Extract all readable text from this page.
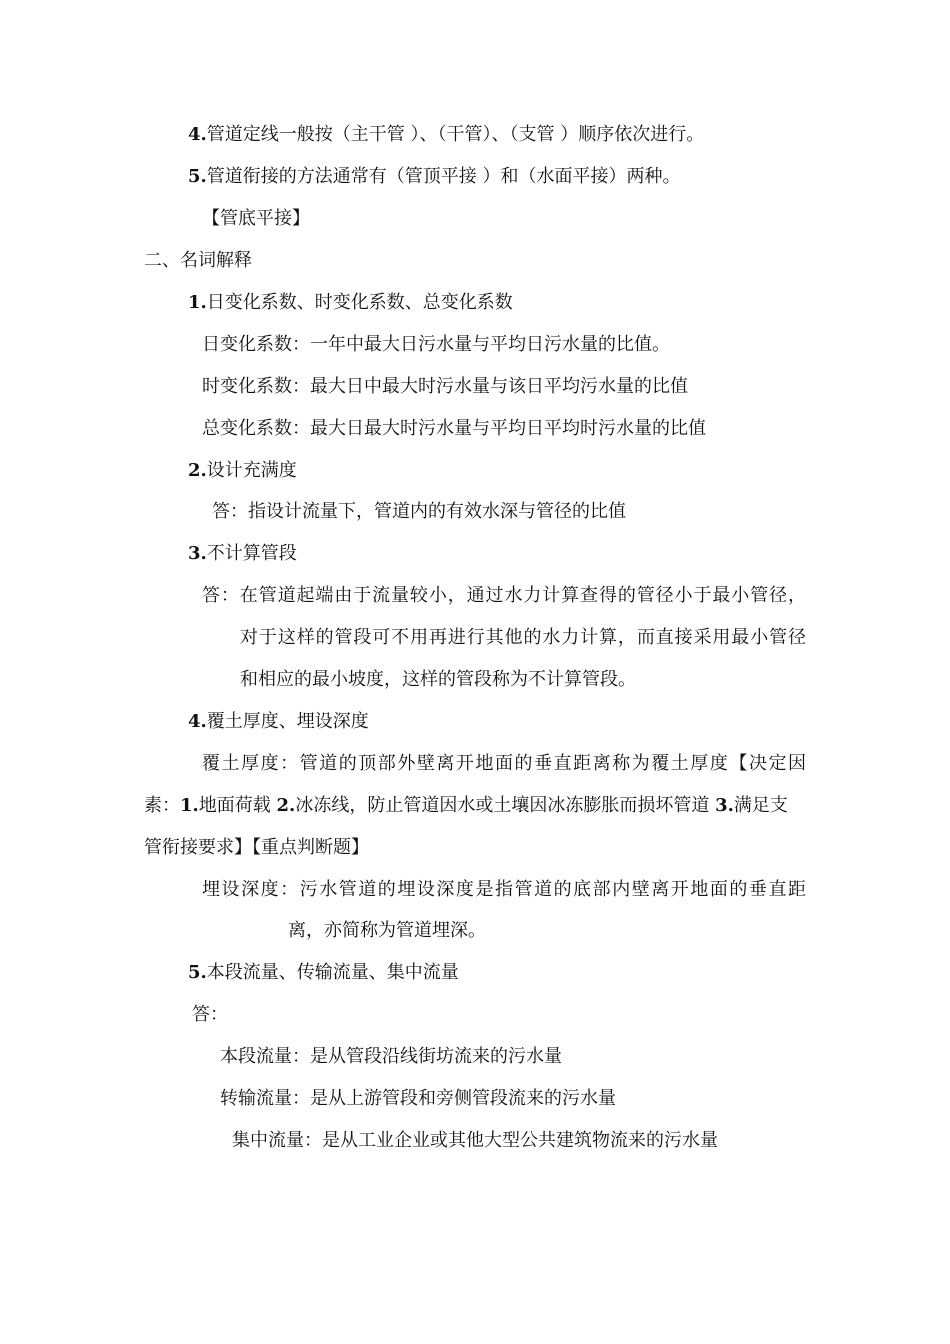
4.管道定线一般按（主干管 ）、（干管）、（支管 ）顺序依次进行。
5.管道衔接的方法通常有（管顶平接 ）和（水面平接）两种。
【管底平接】
二、名词解释
1.日变化系数、时变化系数、总变化系数
日变化系数：一年中最大日污水量与平均日污水量的比值。
时变化系数：最大日中最大时污水量与该日平均污水量的比值
总变化系数：最大日最大时污水量与平均日平均时污水量的比值
2.设计充满度
答：指设计流量下，管道内的有效水深与管径的比值
3.不计算管段
答：在管道起端由于流量较小，通过水力计算查得的管径小于最小管径，
对于这样的管段可不用再进行其他的水力计算，而直接采用最小管径
和相应的最小坡度，这样的管段称为不计算管段。
4.覆土厚度、埋设深度
覆土厚度：管道的顶部外壁离开地面的垂直距离称为覆土厚度【决定因
素：1.地面荷载 2.冰冻线，防止管道因水或土壤因冰冻膨胀而损坏管道 3.满足支
管衔接要求】【重点判断题】
埋设深度：污水管道的埋设深度是指管道的底部内壁离开地面的垂直距
离，亦简称为管道埋深。
5.本段流量、传输流量、集中流量
答：
本段流量：是从管段沿线街坊流来的污水量
转输流量：是从上游管段和旁侧管段流来的污水量
集中流量：是从工业企业或其他大型公共建筑物流来的污水量
